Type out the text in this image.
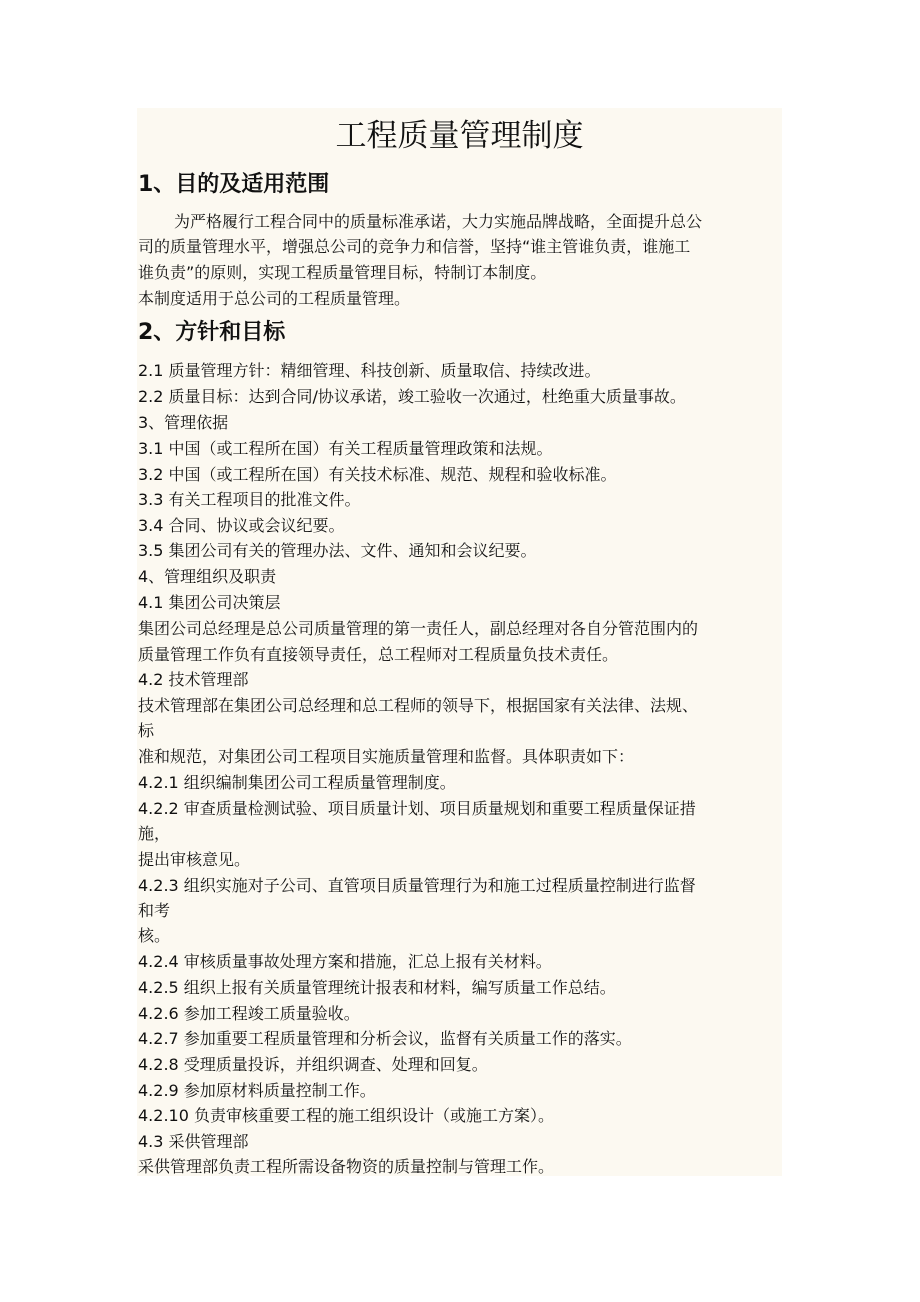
工程质量管理制度
1、目的及适用范围
为严格履行工程合同中的质量标准承诺，大力实施品牌战略，全面提升总公
司的质量管理水平，增强总公司的竞争力和信誉，坚持“谁主管谁负责，谁施工
谁负责”的原则，实现工程质量管理目标，特制订本制度。
本制度适用于总公司的工程质量管理。
2、方针和目标
2.1 质量管理方针：精细管理、科技创新、质量取信、持续改进。
2.2 质量目标：达到合同/协议承诺，竣工验收一次通过，杜绝重大质量事故。
3、管理依据
3.1 中国（或工程所在国）有关工程质量管理政策和法规。
3.2 中国（或工程所在国）有关技术标准、规范、规程和验收标准。
3.3 有关工程项目的批准文件。
3.4 合同、协议或会议纪要。
3.5 集团公司有关的管理办法、文件、通知和会议纪要。
4、管理组织及职责
4.1 集团公司决策层
集团公司总经理是总公司质量管理的第一责任人，副总经理对各自分管范围内的
质量管理工作负有直接领导责任，总工程师对工程质量负技术责任。
4.2 技术管理部
技术管理部在集团公司总经理和总工程师的领导下，根据国家有关法律、法规、
标
准和规范，对集团公司工程项目实施质量管理和监督。具体职责如下：
4.2.1 组织编制集团公司工程质量管理制度。
4.2.2 审查质量检测试验、项目质量计划、项目质量规划和重要工程质量保证措
施，
提出审核意见。
4.2.3 组织实施对子公司、直管项目质量管理行为和施工过程质量控制进行监督
和考
核。
4.2.4 审核质量事故处理方案和措施，汇总上报有关材料。
4.2.5 组织上报有关质量管理统计报表和材料，编写质量工作总结。
4.2.6 参加工程竣工质量验收。
4.2.7 参加重要工程质量管理和分析会议，监督有关质量工作的落实。
4.2.8 受理质量投诉，并组织调查、处理和回复。
4.2.9 参加原材料质量控制工作。
4.2.10 负责审核重要工程的施工组织设计（或施工方案）。
4.3 采供管理部
采供管理部负责工程所需设备物资的质量控制与管理工作。
